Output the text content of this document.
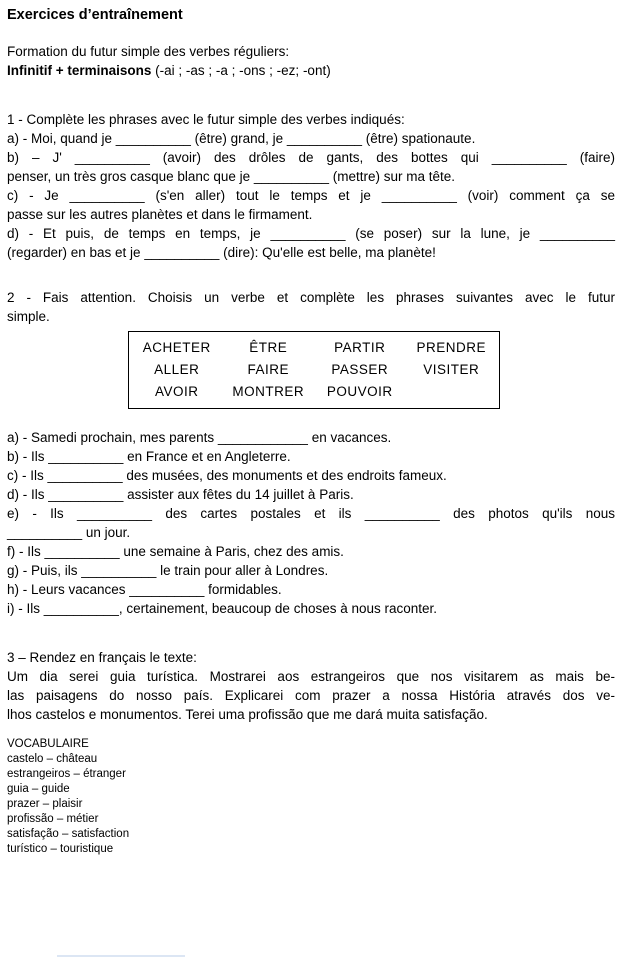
Exercices d’entraînement
Formation du futur simple des verbes réguliers:
Infinitif + terminaisons (-ai ; -as ; -a ; -ons ; -ez; -ont)
1 - Complète les phrases avec le futur simple des verbes indiqués:
a) - Moi, quand je __________ (être) grand, je __________ (être) spationaute.
b) – J' __________ (avoir) des drôles de gants, des bottes qui __________ (faire)
penser, un très gros casque blanc que je __________ (mettre) sur ma tête.
c) - Je __________ (s'en aller) tout le temps et je __________ (voir) comment ça se
passe sur les autres planètes et dans le firmament.
d) - Et puis, de temps en temps, je __________ (se poser) sur la lune, je __________
(regarder) en bas et je __________ (dire): Qu'elle est belle, ma planète!
2 - Fais attention. Choisis un verbe et complète les phrases suivantes avec le futur
simple.
ACHETER	ÊTRE	PARTIR	PRENDRE
ALLER	FAIRE	PASSER	VISITER
AVOIR	MONTRER	POUVOIR
a) - Samedi prochain, mes parents ____________ en vacances.
b) - Ils __________ en France et en Angleterre.
c) - Ils __________ des musées, des monuments et des endroits fameux.
d) - Ils __________ assister aux fêtes du 14 juillet à Paris.
e) - Ils __________ des cartes postales et ils __________ des photos qu'ils nous
__________ un jour.
f) - Ils __________ une semaine à Paris, chez des amis.
g) - Puis, ils __________ le train pour aller à Londres.
h) - Leurs vacances __________ formidables.
i) - Ils __________, certainement, beaucoup de choses à nous raconter.
3 – Rendez en français le texte:
Um dia serei guia turística. Mostrarei aos estrangeiros que nos visitarem as mais be-
las paisagens do nosso país. Explicarei com prazer a nossa História através dos ve-
lhos castelos e monumentos. Terei uma profissão que me dará muita satisfação.
VOCABULAIRE
castelo – château
estrangeiros – étranger
guia – guide
prazer – plaisir
profissão – métier
satisfação – satisfaction
turístico – touristique
